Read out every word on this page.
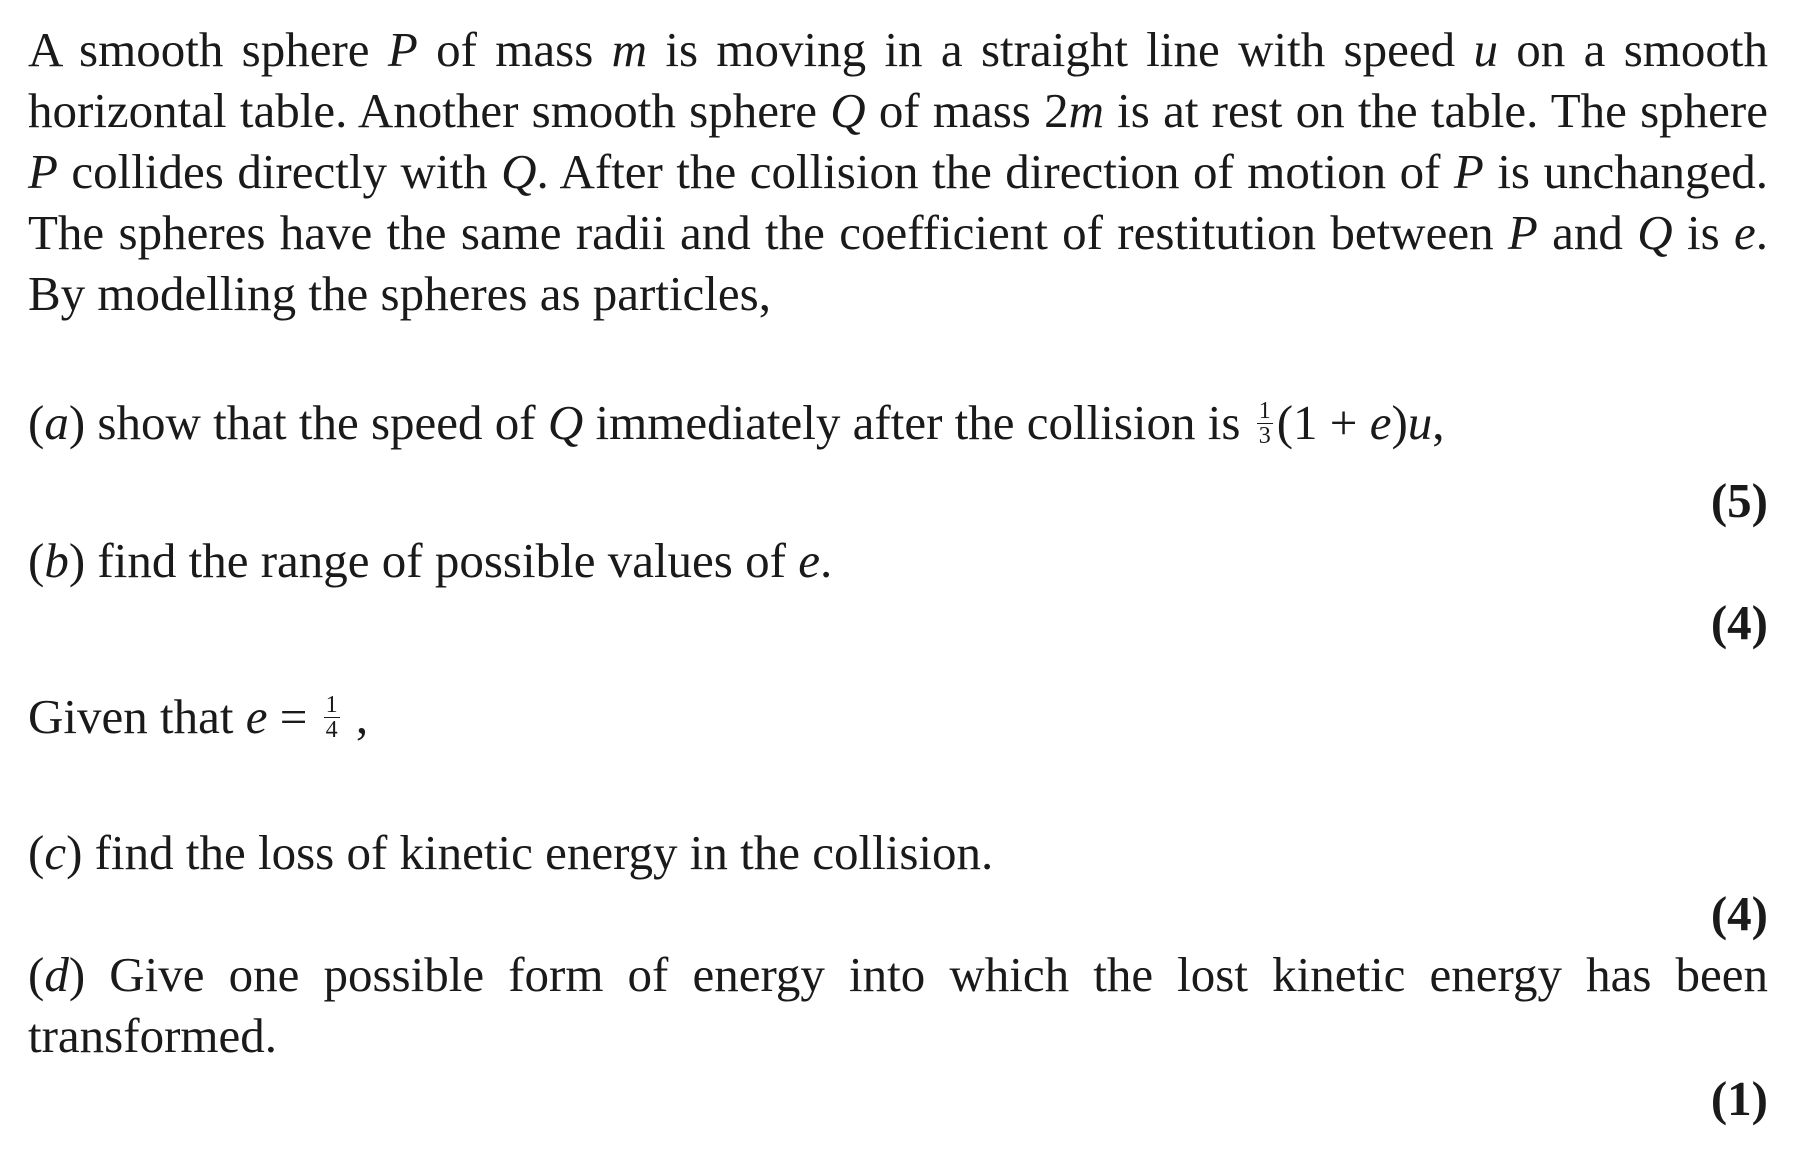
A smooth sphere P of mass m is moving in a straight line with speed u on a smooth horizontal table. Another smooth sphere Q of mass 2m is at rest on the table. The sphere P collides directly with Q. After the collision the direction of motion of P is unchanged. The spheres have the same radii and the coefficient of restitution between P and Q is e. By modelling the spheres as particles,
(a) show that the speed of Q immediately after the collision is $\frac{1}{3} (1 + e)u$,
(5)
(b) find the range of possible values of e.
(4)
Given that $e = \frac{1}{4}$ ,
(c) find the loss of kinetic energy in the collision.
(4)
(d) Give one possible form of energy into which the lost kinetic energy has been
transformed.
(1)
